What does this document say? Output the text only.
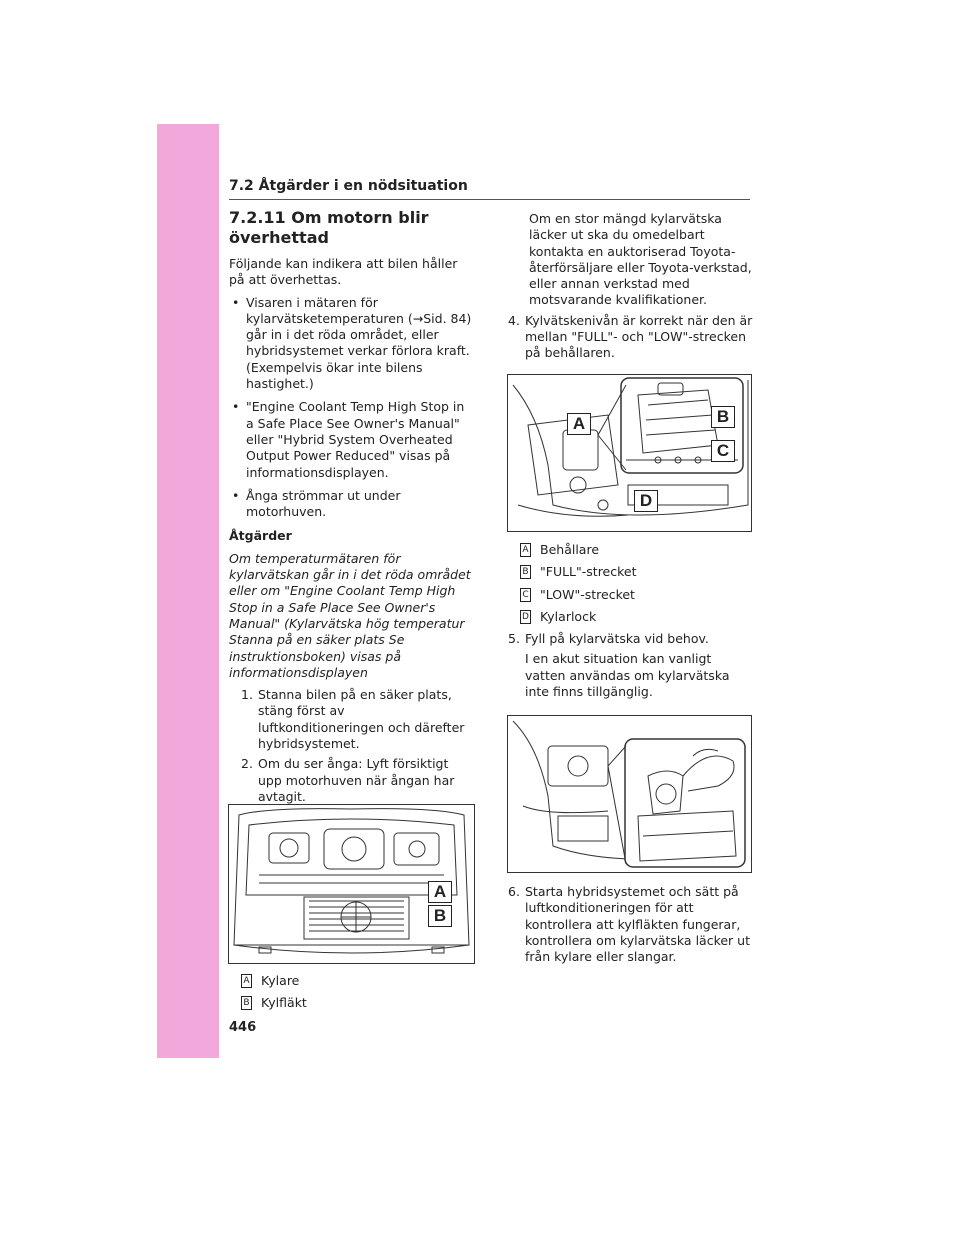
7.2 Åtgärder i en nödsituation
7.2.11 Om motorn blir överhettad

Följande kan indikera att bilen håller på att överhettas.

• Visaren i mätaren för kylarvätsketemperaturen (→Sid. 84) går in i det röda området, eller hybridsystemet verkar förlora kraft. (Exempelvis ökar inte bilens hastighet.)
• "Engine Coolant Temp High Stop in a Safe Place See Owner's Manual" eller "Hybrid System Overheated Output Power Reduced" visas på informationsdisplayen.
• Ånga strömmar ut under motorhuven.
Åtgärder
Om temperaturmätaren för kylarvätskan går in i det röda området eller om "Engine Coolant Temp High Stop in a Safe Place See Owner's Manual" (Kylarvätska hög temperatur Stanna på en säker plats Se instruktionsboken) visas på informationsdisplayen
1. Stanna bilen på en säker plats, stäng först av luftkonditioneringen och därefter hybridsystemet.
2. Om du ser ånga: Lyft försiktigt upp motorhuven när ångan har avtagit.
A
B
A Kylare
B Kylfläkt
446
Om en stor mängd kylarvätska läcker ut ska du omedelbart kontakta en auktoriserad Toyota-återförsäljare eller Toyota-verkstad, eller annan verkstad med motsvarande kvalifikationer.
4. Kylvätskenivån är korrekt när den är mellan "FULL"- och "LOW"-strecken på behållaren.
A	B
C
D
A Behållare
B "FULL"-strecket
C "LOW"-strecket
D Kylarlock
5. Fyll på kylarvätska vid behov.
I en akut situation kan vanligt vatten användas om kylarvätska inte finns tillgänglig.
6. Starta hybridsystemet och sätt på luftkonditioneringen för att kontrollera att kylfläkten fungerar, kontrollera om kylarvätska läcker ut från kylare eller slangar.
